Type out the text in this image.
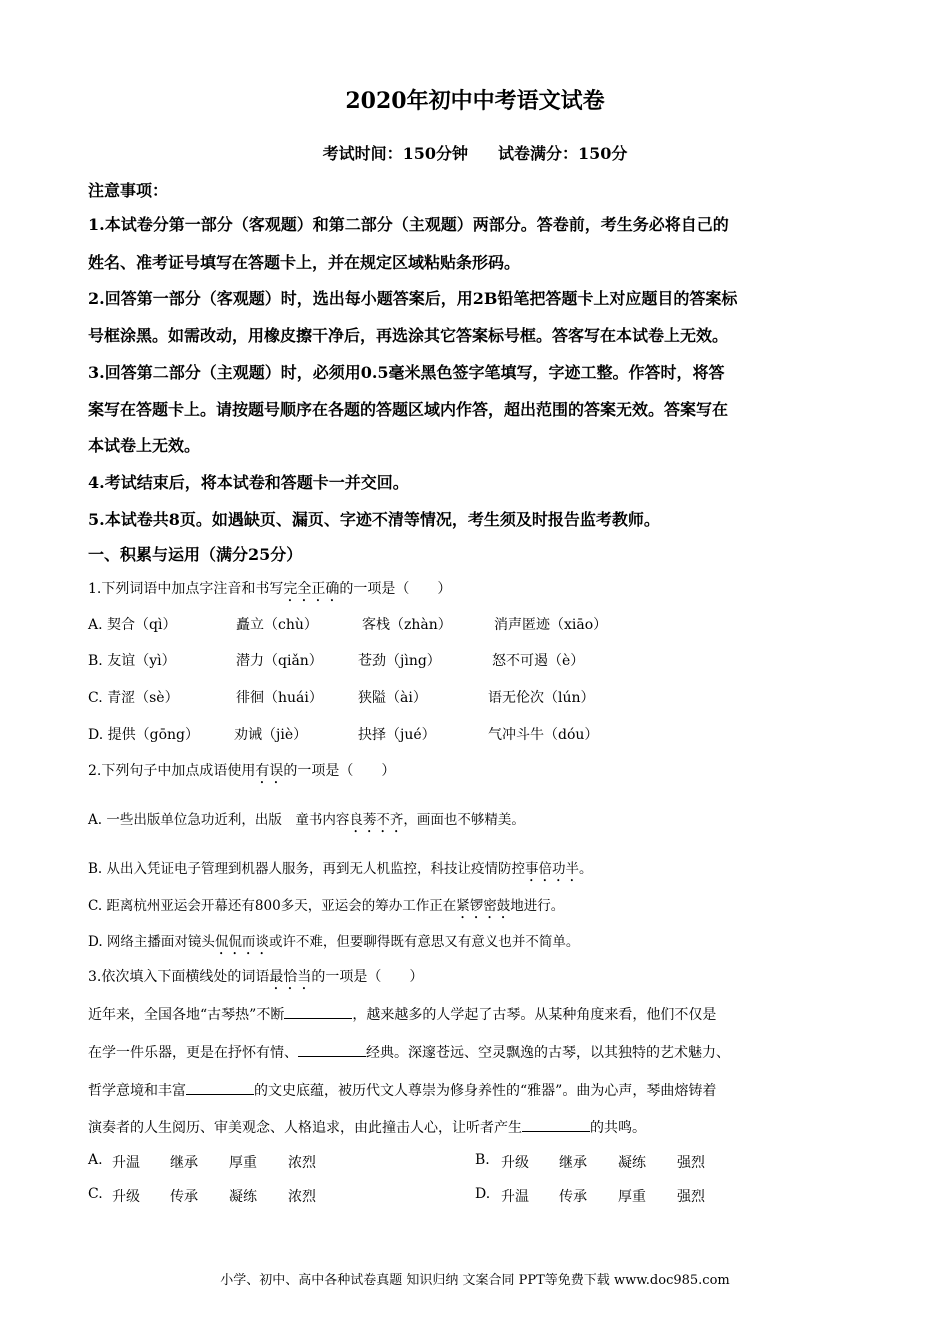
2020年初中中考语文试卷
考试时间：150分钟 试卷满分：150分
注意事项：
1.本试卷分第一部分（客观题）和第二部分（主观题）两部分。答卷前，考生务必将自己的
姓名、准考证号填写在答题卡上，并在规定区域粘贴条形码。
2.回答第一部分（客观题）时，选出每小题答案后，用2B铅笔把答题卡上对应题目的答案标
号框涂黑。如需改动，用橡皮擦干净后，再选涂其它答案标号框。答客写在本试卷上无效。
3.回答第二部分（主观题）时，必须用0.5毫米黑色签字笔填写，字迹工整。作答时，将答
案写在答题卡上。请按题号顺序在各题的答题区域内作答，超出范围的答案无效。答案写在
本试卷上无效。
4.考试结束后，将本试卷和答题卡一并交回。
5.本试卷共8页。如遇缺页、漏页、字迹不清等情况，考生须及时报告监考教师。
一、积累与运用（满分25分）
1.下列词语中加点字注音和书写完全正确的一项是（　　）
A. 契合（qì）	矗立（chù）	客栈（zhàn）	消声匿迹（xiāo）
B. 友谊（yì）	潜力（qiǎn）	苍劲（jìng）	怒不可遏（è）
C. 青涩（sè）	徘徊（huái）	狭隘（ài）	语无伦次（lún）
D. 提供（gōng）	劝诫（jiè）	抉择（jué）	气冲斗牛（dóu）
2.下列句子中加点成语使用有误的一项是（　　）
A. 一些出版单位急功近利，出版　童书内容良莠不齐，画面也不够精美。
B. 从出入凭证电子管理到机器人服务，再到无人机监控，科技让疫情防控事倍功半。
C. 距离杭州亚运会开幕还有800多天，亚运会的筹办工作正在紧锣密鼓地进行。
D. 网络主播面对镜头侃侃而谈或许不难，但要聊得既有意思又有意义也并不简单。
3.依次填入下面横线处的词语最恰当的一项是（　　）
近年来，全国各地“古琴热”不断	，越来越多的人学起了古琴。从某种角度来看，他们不仅是
在学一件乐器，更是在抒怀有情、	经典。深邃苍远、空灵飘逸的古琴，以其独特的艺术魅力、
哲学意境和丰富	的文史底蕴，被历代文人尊崇为修身养性的“雅器”。曲为心声，琴曲熔铸着
演奏者的人生阅历、审美观念、人格追求，由此撞击人心，让听者产生	的共鸣。
A. 升温 继承 厚重 浓烈	B. 升级 继承 凝练 强烈
C. 升级 传承 凝练 浓烈	D. 升温 传承 厚重 强烈
小学、初中、高中各种试卷真题 知识归纳 文案合同 PPT等免费下载 www.doc985.com
